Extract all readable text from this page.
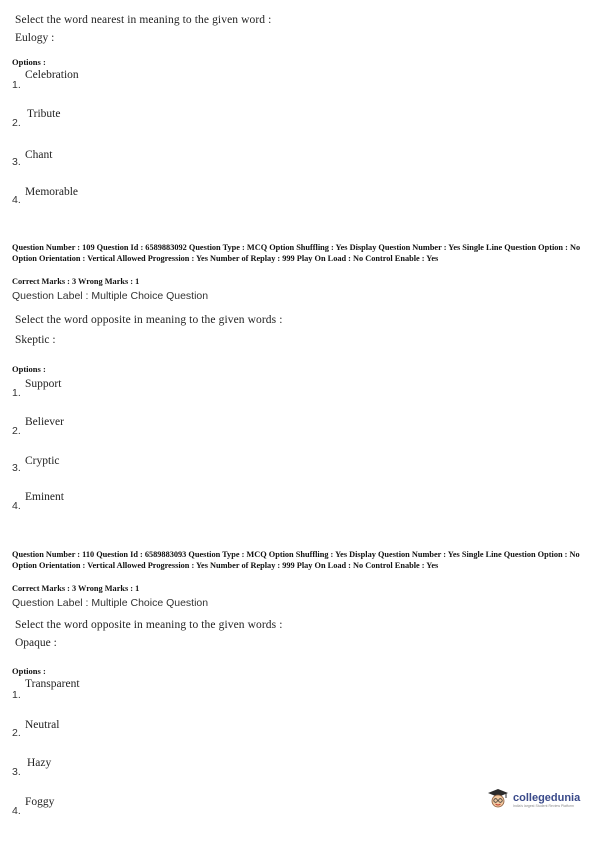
Select the word nearest in meaning to the given word :
Eulogy :
Options :
1.
Celebration
2.
Tribute
3.
Chant
4.
Memorable
Question Number : 109 Question Id : 6589883092 Question Type : MCQ Option Shuffling : Yes Display Question Number : Yes Single Line Question Option : No Option Orientation : Vertical Allowed Progression : Yes Number of Replay : 999 Play On Load : No Control Enable : Yes
Correct Marks : 3 Wrong Marks : 1
Question Label : Multiple Choice Question
Select the word opposite in meaning to the given words :
Skeptic :
Options :
1.
Support
2.
Believer
3.
Cryptic
4.
Eminent
Question Number : 110 Question Id : 6589883093 Question Type : MCQ Option Shuffling : Yes Display Question Number : Yes Single Line Question Option : No Option Orientation : Vertical Allowed Progression : Yes Number of Replay : 999 Play On Load : No Control Enable : Yes
Correct Marks : 3 Wrong Marks : 1
Question Label : Multiple Choice Question
Select the word opposite in meaning to the given words :
Opaque :
Options :
1.
Transparent
2.
Neutral
3.
Hazy
4.
Foggy	collegedunia
India's largest Student Review Platform
